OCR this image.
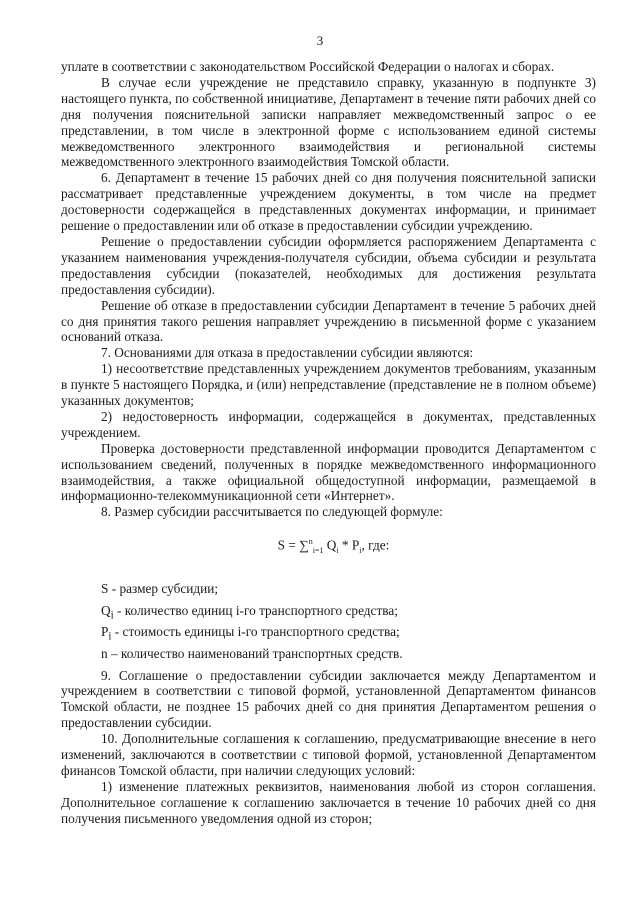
3

уплате в соответствии с законодательством Российской Федерации о налогах и сборах.

В случае если учреждение не представило справку, указанную в подпункте 3) настоящего пункта, по собственной инициативе, Департамент в течение пяти рабочих дней со дня получения пояснительной записки направляет межведомственный запрос о ее представлении, в том числе в электронной форме с использованием единой системы межведомственного электронного взаимодействия и региональной системы межведомственного электронного взаимодействия Томской области.

6. Департамент в течение 15 рабочих дней со дня получения пояснительной записки рассматривает представленные учреждением документы, в том числе на предмет достоверности содержащейся в представленных документах информации, и принимает решение о предоставлении или об отказе в предоставлении субсидии учреждению.

Решение о предоставлении субсидии оформляется распоряжением Департамента с указанием наименования учреждения-получателя субсидии, объема субсидии и результата предоставления субсидии (показателей, необходимых для достижения результата предоставления субсидии).

Решение об отказе в предоставлении субсидии Департамент в течение 5 рабочих дней со дня принятия такого решения направляет учреждению в письменной форме с указанием оснований отказа.

7. Основаниями для отказа в предоставлении субсидии являются:

1) несоответствие представленных учреждением документов требованиям, указанным в пункте 5 настоящего Порядка, и (или) непредставление (представление не в полном объеме) указанных документов;

2) недостоверность информации, содержащейся в документах, представленных учреждением.

Проверка достоверности представленной информации проводится Департаментом с использованием сведений, полученных в порядке межведомственного информационного взаимодействия, а также официальной общедоступной информации, размещаемой в информационно-телекоммуникационной сети «Интернет».

8. Размер субсидии рассчитывается по следующей формуле:

S = ∑$^n_{i=1}$ $Q_i * P_i$, где:

S - размер субсидии;

$Q_i$ - количество единиц i-го транспортного средства;

$P_i$ - стоимость единицы i-го транспортного средства;

n – количество наименований транспортных средств.

9. Соглашение о предоставлении субсидии заключается между Департаментом и учреждением в соответствии с типовой формой, установленной Департаментом финансов Томской области, не позднее 15 рабочих дней со дня принятия Департаментом решения о предоставлении субсидии.

10. Дополнительные соглашения к соглашению, предусматривающие внесение в него изменений, заключаются в соответствии с типовой формой, установленной Департаментом финансов Томской области, при наличии следующих условий:

1) изменение платежных реквизитов, наименования любой из сторон соглашения. Дополнительное соглашение к соглашению заключается в течение 10 рабочих дней со дня получения письменного уведомления одной из сторон;
